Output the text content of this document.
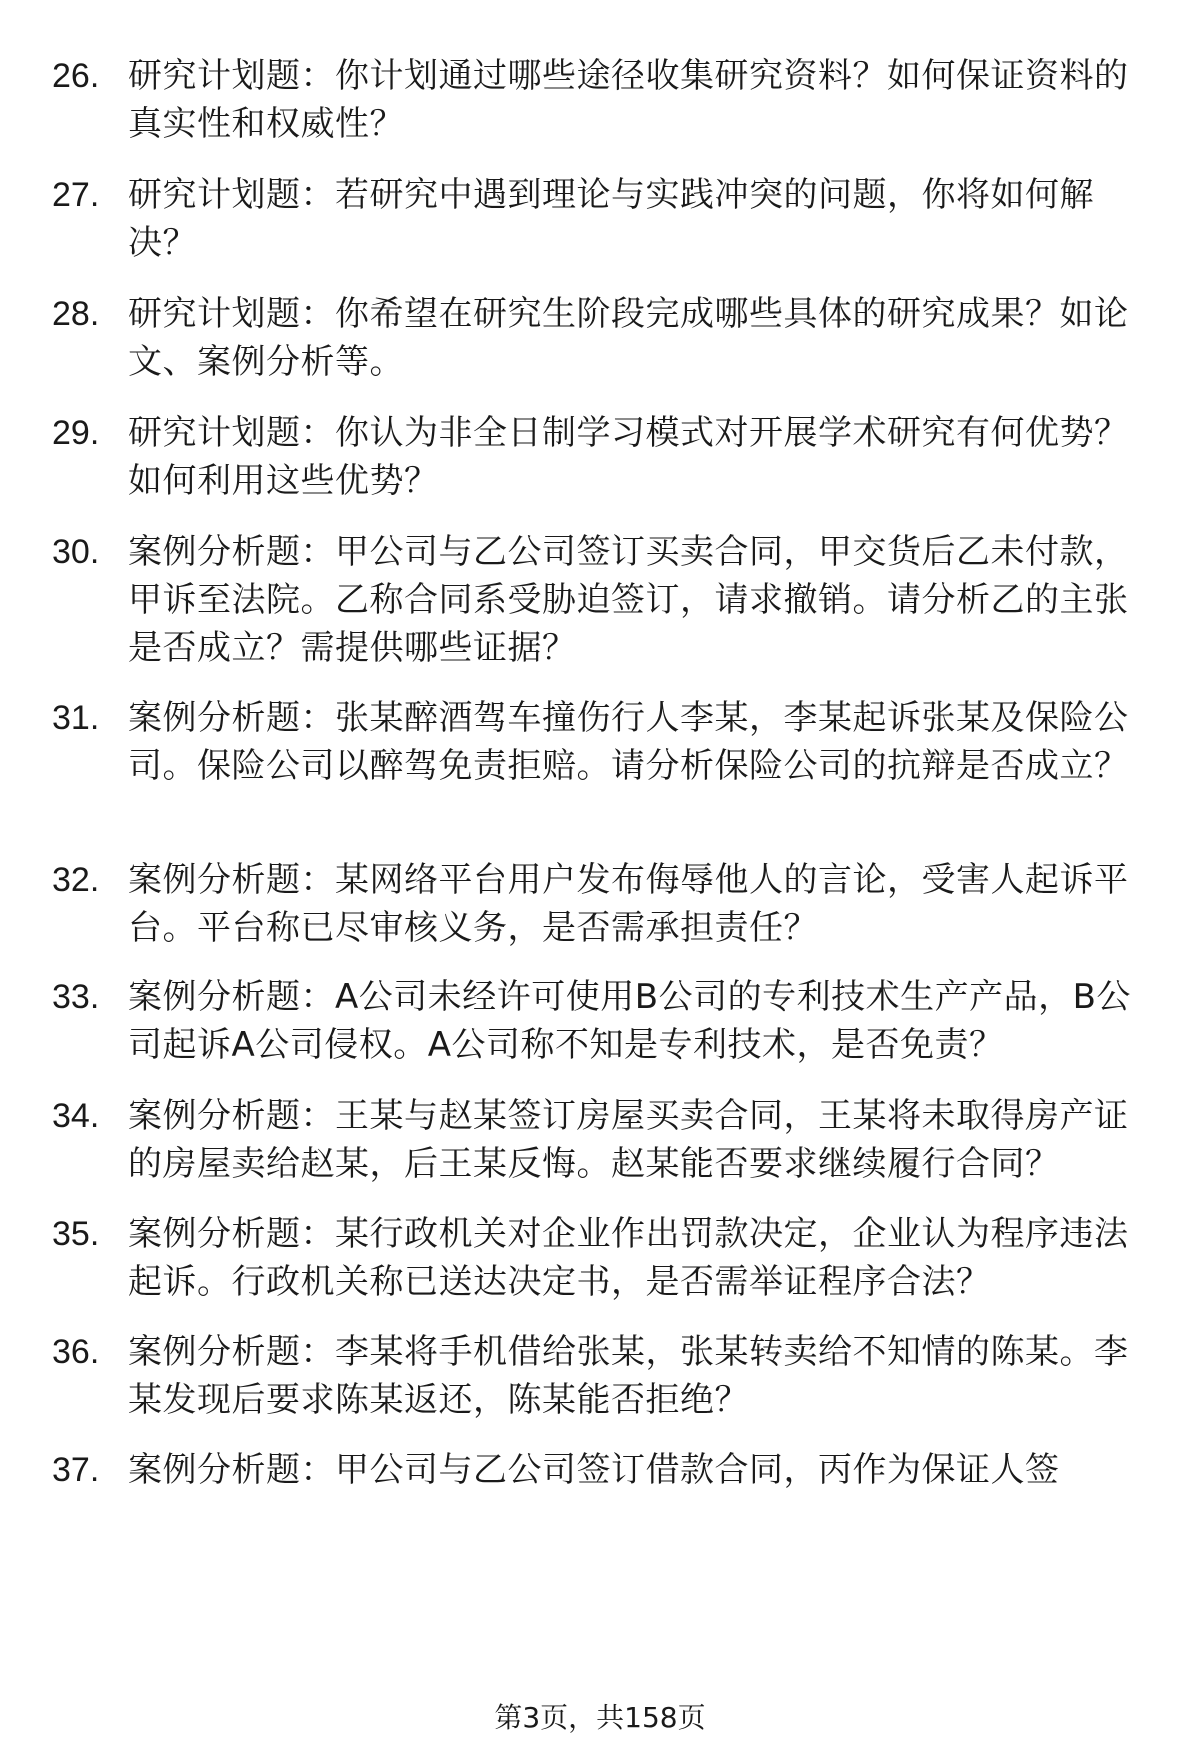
26. 研究计划题：你计划通过哪些途径收集研究资料？如何保证资料的真实性和权威性？
27. 研究计划题：若研究中遇到理论与实践冲突的问题，你将如何解决？
28. 研究计划题：你希望在研究生阶段完成哪些具体的研究成果？如论文、案例分析等。
29. 研究计划题：你认为非全日制学习模式对开展学术研究有何优势？如何利用这些优势？
30. 案例分析题：甲公司与乙公司签订买卖合同，甲交货后乙未付款，甲诉至法院。乙称合同系受胁迫签订，请求撤销。请分析乙的主张是否成立？需提供哪些证据？
31. 案例分析题：张某醉酒驾车撞伤行人李某，李某起诉张某及保险公司。保险公司以醉驾免责拒赔。请分析保险公司的抗辩是否成立？
32. 案例分析题：某网络平台用户发布侮辱他人的言论，受害人起诉平台。平台称已尽审核义务，是否需承担责任？
33. 案例分析题：A公司未经许可使用B公司的专利技术生产产品，B公司起诉A公司侵权。A公司称不知是专利技术，是否免责？
34. 案例分析题：王某与赵某签订房屋买卖合同，王某将未取得房产证的房屋卖给赵某，后王某反悔。赵某能否要求继续履行合同？
35. 案例分析题：某行政机关对企业作出罚款决定，企业认为程序违法起诉。行政机关称已送达决定书，是否需举证程序合法？
36. 案例分析题：李某将手机借给张某，张某转卖给不知情的陈某。李某发现后要求陈某返还，陈某能否拒绝？
37. 案例分析题：甲公司与乙公司签订借款合同，丙作为保证人签
第3页，共158页
